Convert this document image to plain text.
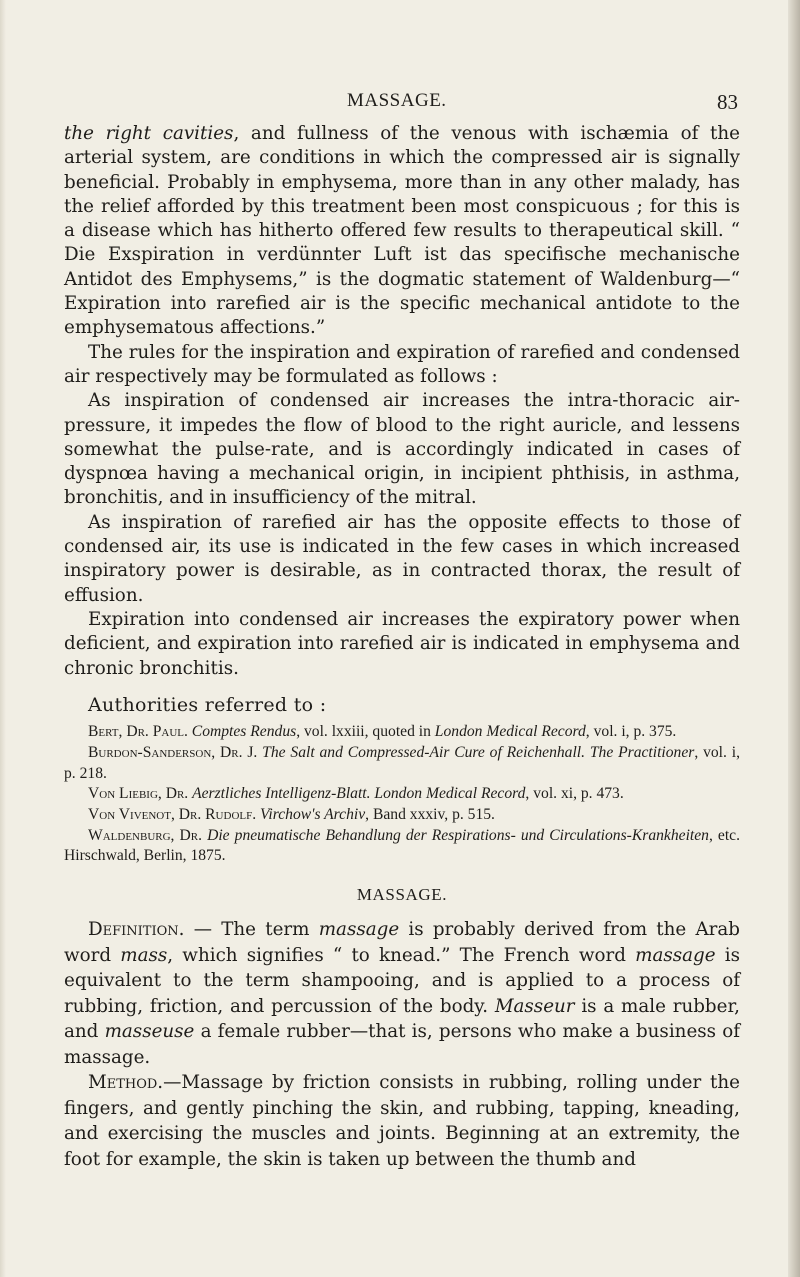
MASSAGE.	83

the right cavities, and fullness of the venous with ischæmia of the arterial system, are conditions in which the compressed air is signally beneficial. Probably in emphysema, more than in any other malady, has the relief afforded by this treatment been most conspicuous ; for this is a disease which has hitherto offered few results to therapeutical skill. “ Die Exspiration in verdünnter Luft ist das specifische mechanische Antidot des Emphysems,” is the dogmatic statement of Waldenburg—“ Expiration into rarefied air is the specific mechanical antidote to the emphysematous affections.”

The rules for the inspiration and expiration of rarefied and condensed air respectively may be formulated as follows :

As inspiration of condensed air increases the intra-thoracic air-pressure, it impedes the flow of blood to the right auricle, and lessens somewhat the pulse-rate, and is accordingly indicated in cases of dyspnœa having a mechanical origin, in incipient phthisis, in asthma, bronchitis, and in insufficiency of the mitral.

As inspiration of rarefied air has the opposite effects to those of condensed air, its use is indicated in the few cases in which increased inspiratory power is desirable, as in contracted thorax, the result of effusion.

Expiration into condensed air increases the expiratory power when deficient, and expiration into rarefied air is indicated in emphysema and chronic bronchitis.

Authorities referred to :

Bert, Dr. Paul. Comptes Rendus, vol. lxxiii, quoted in London Medical Record, vol. i, p. 375.

Burdon-Sanderson, Dr. J. The Salt and Compressed-Air Cure of Reichenhall. The Practitioner, vol. i, p. 218.

Von Liebig, Dr. Aerztliches Intelligenz-Blatt. London Medical Record, vol. xi, p. 473.

Von Vivenot, Dr. Rudolf. Virchow's Archiv, Band xxxiv, p. 515.

Waldenburg, Dr. Die pneumatische Behandlung der Respirations- und Circulations-Krankheiten, etc. Hirschwald, Berlin, 1875.

MASSAGE.

Definition. — The term massage is probably derived from the Arab word mass, which signifies “ to knead.” The French word massage is equivalent to the term shampooing, and is applied to a process of rubbing, friction, and percussion of the body. Masseur is a male rubber, and masseuse a female rubber—that is, persons who make a business of massage.

Method.—Massage by friction consists in rubbing, rolling under the fingers, and gently pinching the skin, and rubbing, tapping, kneading, and exercising the muscles and joints. Beginning at an extremity, the foot for example, the skin is taken up between the thumb and
